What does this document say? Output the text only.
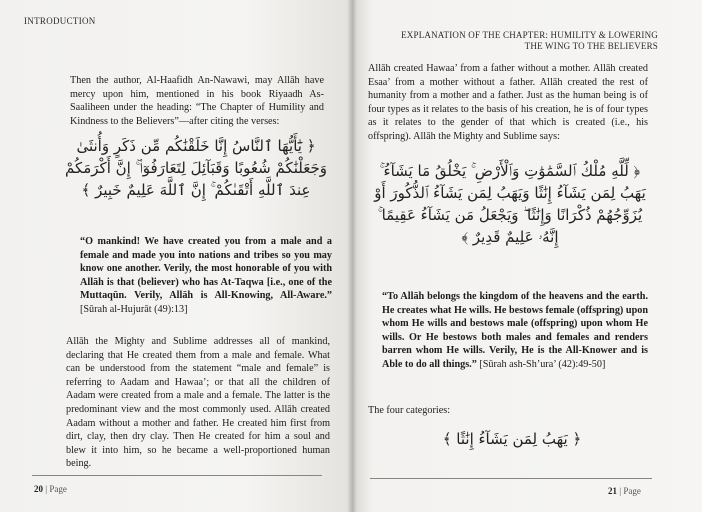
INTRODUCTION
Then the author, Al-Haafidh An-Nawawi, may Allāh have mercy upon him, mentioned in his book Riyaadh As-Saaliheen under the heading: “The Chapter of Humility and Kindness to the Believers”—after citing the verses:
﴿ يَٰٓأَيُّهَا ٱلنَّاسُ إِنَّا خَلَقْنَٰكُم مِّن ذَكَرٍ وَأُنثَىٰ وَجَعَلْنَٰكُمْ شُعُوبًا وَقَبَآئِلَ لِتَعَارَفُوٓا۟ ۚ إِنَّ أَكْرَمَكُمْ عِندَ ٱللَّهِ أَتْقَىٰكُمْ ۚ إِنَّ ٱللَّهَ عَلِيمٌ خَبِيرٌ ﴾
“O mankind! We have created you from a male and a female and made you into nations and tribes so you may know one another. Verily, the most honorable of you with Allāh is that (believer) who has At-Taqwa [i.e., one of the Muttaqūn. Verily, Allāh is All-Knowing, All-Aware.” [Sūrah al-Hujurāt (49):13]
Allāh the Mighty and Sublime addresses all of mankind, declaring that He created them from a male and female. What can be understood from the statement “male and female” is referring to Aadam and Hawaa’; or that all the children of Aadam were created from a male and a female. The latter is the predominant view and the most commonly used. Allāh created Aadam without a mother and father. He created him first from dirt, clay, then dry clay. Then He created for him a soul and blew it into him, so he became a well-proportioned human being.
20 | Page
EXPLANATION OF THE CHAPTER: HUMILITY & LOWERING
THE WING TO THE BELIEVERS
Allāh created Hawaa’ from a father without a mother. Allāh created Esaa’ from a mother without a father. Allāh created the rest of humanity from a mother and a father. Just as the human being is of four types as it relates to the basis of his creation, he is of four types as it relates to the gender of that which is created (i.e., his offspring). Allāh the Mighty and Sublime says:
﴿ لِّلَّهِ مُلْكُ ٱلسَّمَٰوَٰتِ وَٱلْأَرْضِ ۚ يَخْلُقُ مَا يَشَآءُ ۚ يَهَبُ لِمَن يَشَآءُ إِنَٰثًا وَيَهَبُ لِمَن يَشَآءُ ٱلذُّكُورَ أَوْ يُزَوِّجُهُمْ ذُكْرَانًا وَإِنَٰثًا ۖ وَيَجْعَلُ مَن يَشَآءُ عَقِيمًا ۚ إِنَّهُۥ عَلِيمٌ قَدِيرٌ ﴾
“To Allāh belongs the kingdom of the heavens and the earth. He creates what He wills. He bestows female (offspring) upon whom He wills and bestows male (offspring) upon whom He wills. Or He bestows both males and females and renders barren whom He wills. Verily, He is the All-Knower and is Able to do all things.” [Sūrah ash-Sh’ura’ (42):49-50]
The four categories:
﴿ يَهَبُ لِمَن يَشَآءُ إِنَٰثًا ﴾
21 | Page
